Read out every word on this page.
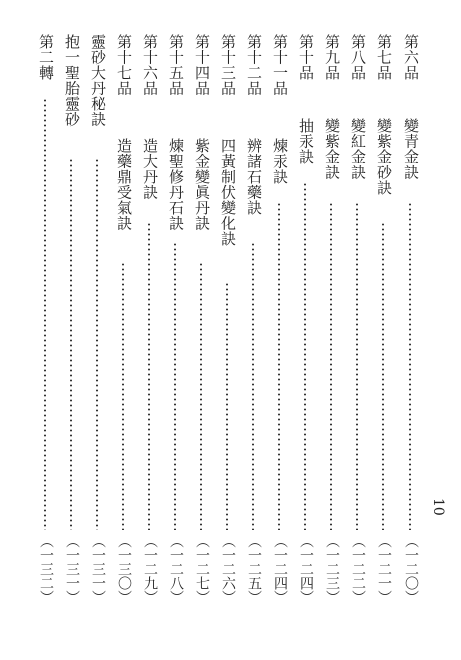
10
第六品
變青金訣
（一二〇）
第七品
變紫金砂訣
（一二一）
第八品
變紅金訣
（一二二）
第九品
變紫金訣
（一二三）
第十品
抽汞訣
（一二四）
第十一品
煉汞訣
（一二四）
第十二品
辨諸石藥訣
（一二五）
第十三品
四黃制伏變化訣
（一二六）
第十四品
紫金變眞丹訣
（一二七）
第十五品
煉聖修丹石訣
（一二八）
第十六品
造大丹訣
（一二九）
第十七品
造藥鼎受氣訣
（一三〇）
靈砂大丹秘訣
（一三一）
抱一聖胎靈砂
（一三一）
第二轉
（一三二）
